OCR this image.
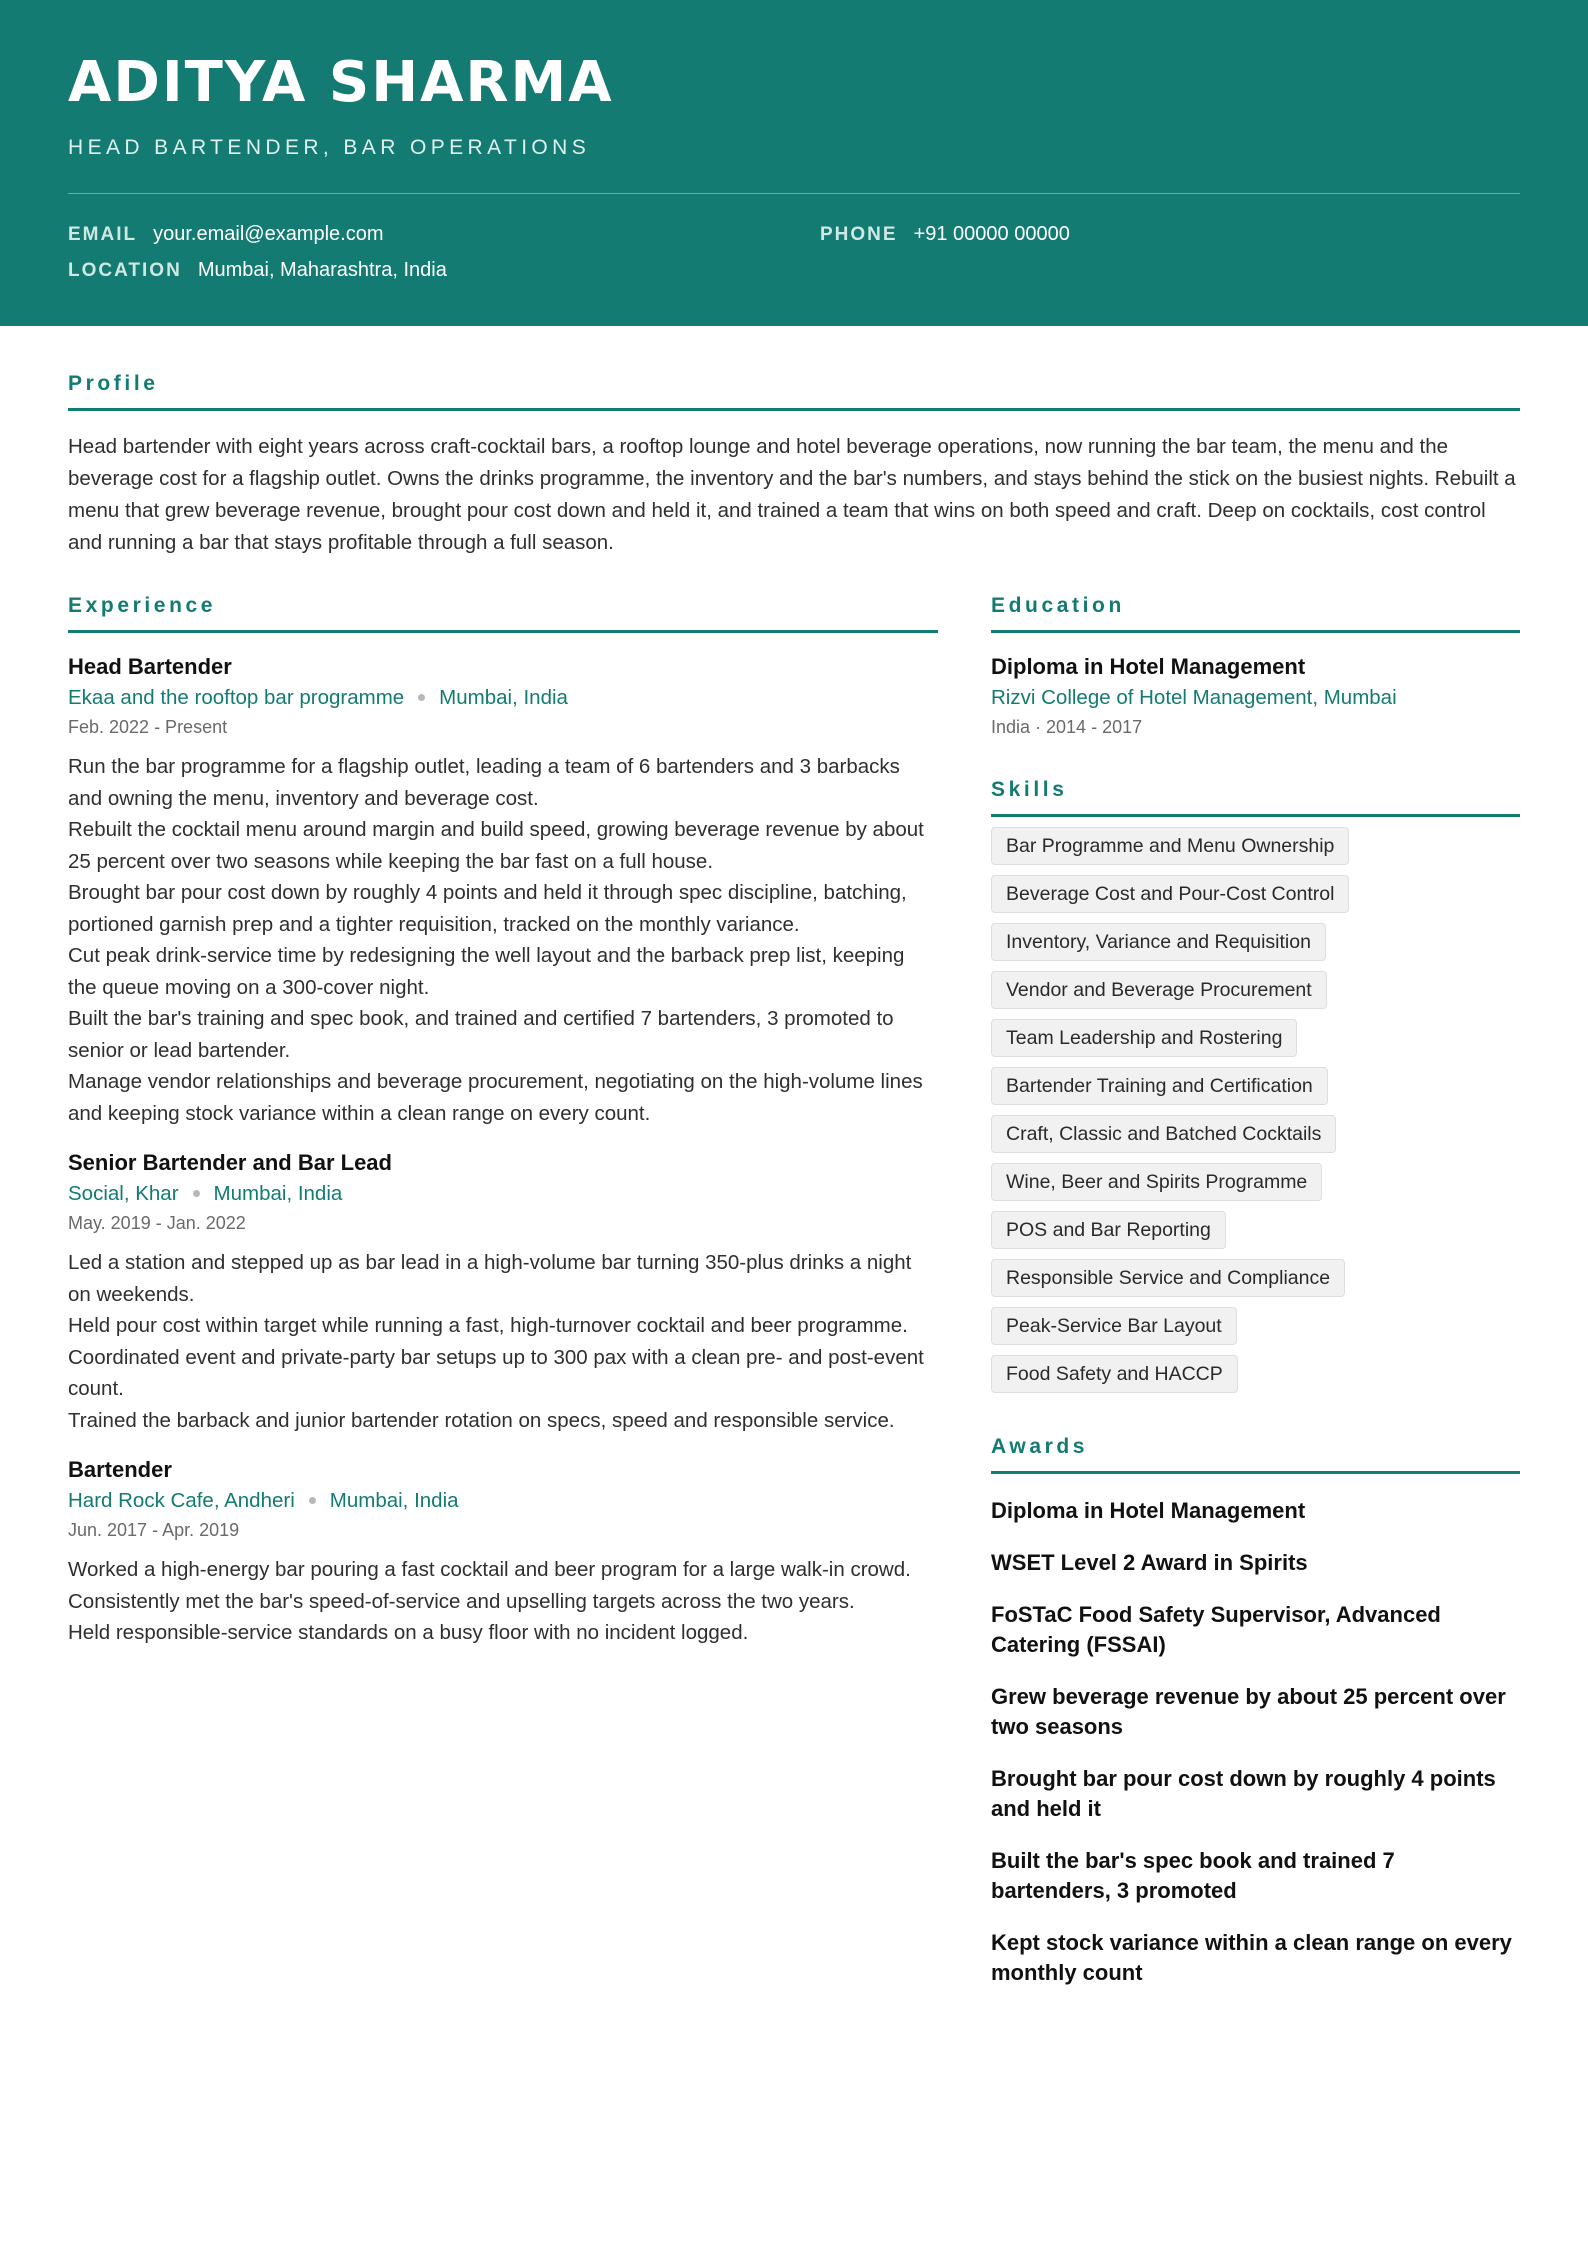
ADITYA SHARMA
HEAD BARTENDER, BAR OPERATIONS
EMAIL your.email@example.com	PHONE +91 00000 00000
LOCATION Mumbai, Maharashtra, India
Profile

Head bartender with eight years across craft-cocktail bars, a rooftop lounge and hotel beverage operations, now running the bar team, the menu and the beverage cost for a flagship outlet. Owns the drinks programme, the inventory and the bar's numbers, and stays behind the stick on the busiest nights. Rebuilt a menu that grew beverage revenue, brought pour cost down and held it, and trained a team that wins on both speed and craft. Deep on cocktails, cost control and running a bar that stays profitable through a full season.

Experience
Head Bartender
Ekaa and the rooftop bar programme Mumbai, India
Feb. 2022 - Present
Run the bar programme for a flagship outlet, leading a team of 6 bartenders and 3 barbacks and owning the menu, inventory and beverage cost.
Rebuilt the cocktail menu around margin and build speed, growing beverage revenue by about 25 percent over two seasons while keeping the bar fast on a full house.
Brought bar pour cost down by roughly 4 points and held it through spec discipline, batching, portioned garnish prep and a tighter requisition, tracked on the monthly variance.
Cut peak drink-service time by redesigning the well layout and the barback prep list, keeping the queue moving on a 300-cover night.
Built the bar's training and spec book, and trained and certified 7 bartenders, 3 promoted to senior or lead bartender.
Manage vendor relationships and beverage procurement, negotiating on the high-volume lines and keeping stock variance within a clean range on every count.
Senior Bartender and Bar Lead
Social, Khar Mumbai, India
May. 2019 - Jan. 2022
Led a station and stepped up as bar lead in a high-volume bar turning 350-plus drinks a night on weekends.
Held pour cost within target while running a fast, high-turnover cocktail and beer programme.
Coordinated event and private-party bar setups up to 300 pax with a clean pre- and post-event count.
Trained the barback and junior bartender rotation on specs, speed and responsible service.
Bartender
Hard Rock Cafe, Andheri Mumbai, India
Jun. 2017 - Apr. 2019
Worked a high-energy bar pouring a fast cocktail and beer program for a large walk-in crowd.
Consistently met the bar's speed-of-service and upselling targets across the two years.
Held responsible-service standards on a busy floor with no incident logged.
Education
Diploma in Hotel Management
Rizvi College of Hotel Management, Mumbai
India · 2014 - 2017
Skills
Bar Programme and Menu Ownership
Beverage Cost and Pour-Cost Control
Inventory, Variance and Requisition
Vendor and Beverage Procurement
Team Leadership and Rostering
Bartender Training and Certification
Craft, Classic and Batched Cocktails
Wine, Beer and Spirits Programme
POS and Bar Reporting
Responsible Service and Compliance
Peak-Service Bar Layout
Food Safety and HACCP
Awards
Diploma in Hotel Management
WSET Level 2 Award in Spirits
FoSTaC Food Safety Supervisor, Advanced Catering (FSSAI)
Grew beverage revenue by about 25 percent over two seasons
Brought bar pour cost down by roughly 4 points and held it
Built the bar's spec book and trained 7 bartenders, 3 promoted
Kept stock variance within a clean range on every monthly count
